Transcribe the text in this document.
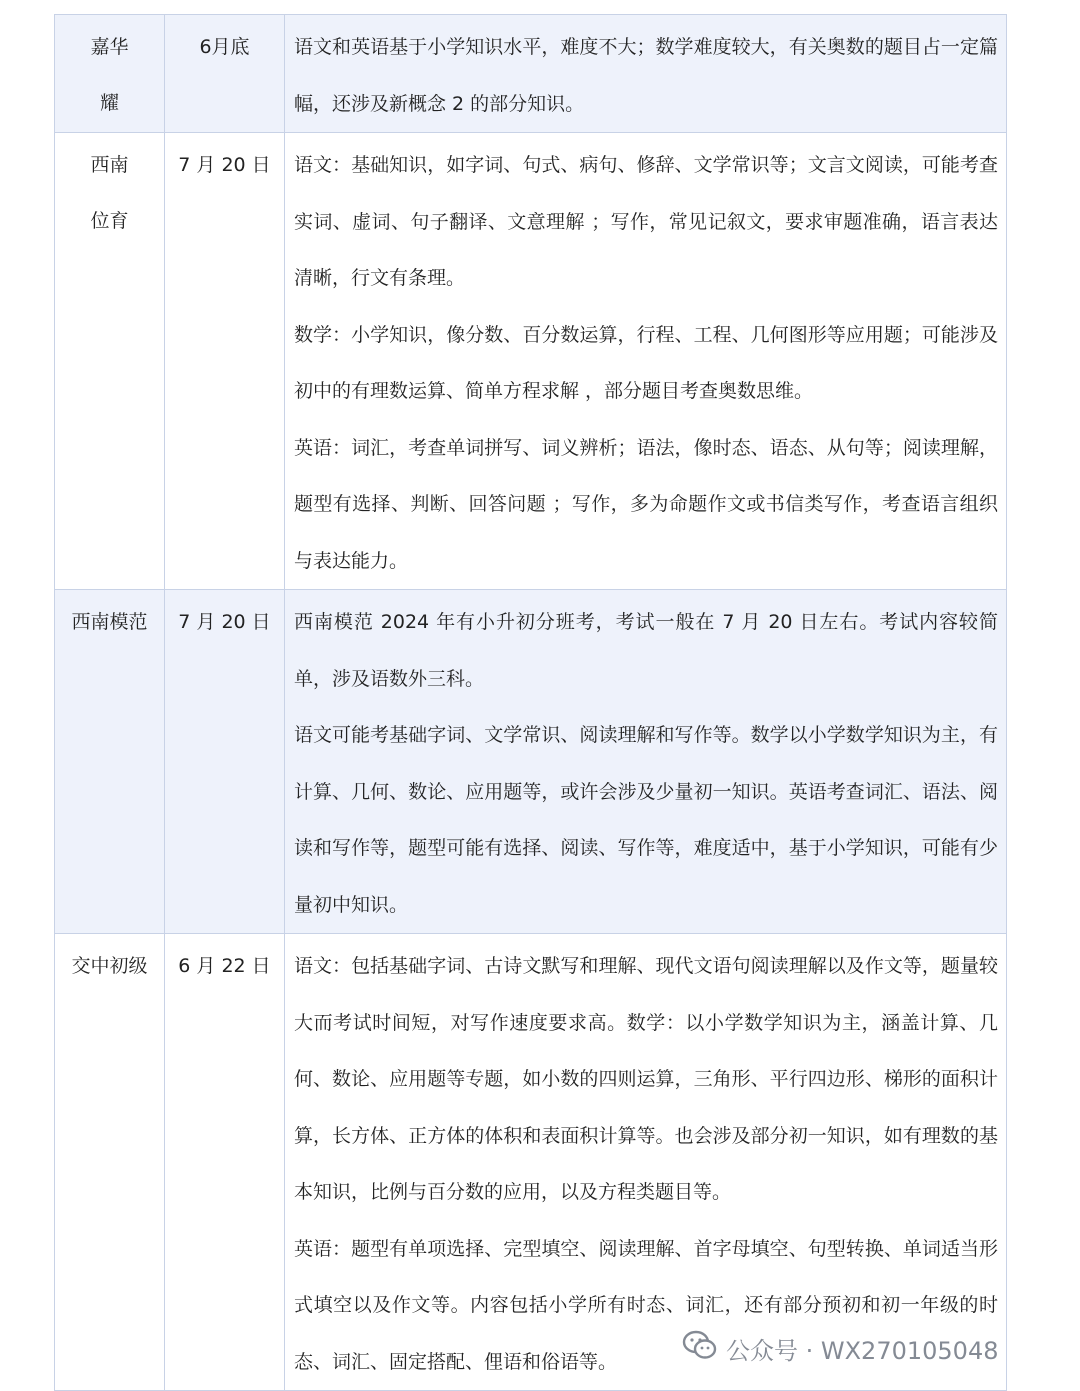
嘉华耀	6月底	语文和英语基于小学知识水平，难度不大；数学难度较大，有关奥数的题目占一定篇幅，还涉及新概念 2 的部分知识。

西南位育	7 月 20 日	语文：基础知识，如字词、句式、病句、修辞、文学常识等；文言文阅读，可能考查实词、虚词、句子翻译、文意理解 ；写作，常见记叙文，要求审题准确，语言表达清晰，行文有条理。
数学：小学知识，像分数、百分数运算，行程、工程、几何图形等应用题；可能涉及初中的有理数运算、简单方程求解 ，部分题目考查奥数思维。
英语：词汇，考查单词拼写、词义辨析；语法，像时态、语态、从句等；阅读理解，题型有选择、判断、回答问题 ；写作，多为命题作文或书信类写作，考查语言组织与表达能力。

西南模范	7 月 20 日	西南模范 2024 年有小升初分班考，考试一般在 7 月 20 日左右。考试内容较简单，涉及语数外三科。
语文可能考基础字词、文学常识、阅读理解和写作等。数学以小学数学知识为主，有计算、几何、数论、应用题等，或许会涉及少量初一知识。英语考查词汇、语法、阅读和写作等，题型可能有选择、阅读、写作等，难度适中，基于小学知识，可能有少量初中知识。

交中初级	6 月 22 日	语文：包括基础字词、古诗文默写和理解、现代文语句阅读理解以及作文等，题量较大而考试时间短，对写作速度要求高。数学：以小学数学知识为主，涵盖计算、几何、数论、应用题等专题，如小数的四则运算，三角形、平行四边形、梯形的面积计算，长方体、正方体的体积和表面积计算等。也会涉及部分初一知识，如有理数的基本知识，比例与百分数的应用，以及方程类题目等。
英语：题型有单项选择、完型填空、阅读理解、首字母填空、句型转换、单词适当形式填空以及作文等。内容包括小学所有时态、词汇，还有部分预初和初一年级的时态、词汇、固定搭配、俚语和俗语等。	公众号 · WX270105048
